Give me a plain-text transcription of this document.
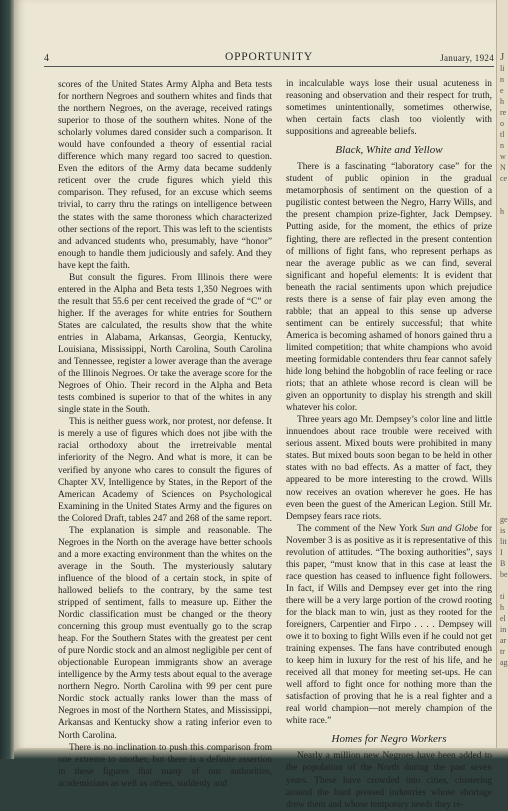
J
li
n
e
h
re
o
tl
n
w
N
ce

h

ge
is
lit
I
B
be

ti
h
el
in
ar
tr
ag
4	OPPORTUNITY	January, 1924

scores of the United States Army Alpha and Beta tests for northern Negroes and southern whites and finds that the northern Negroes, on the average, received ratings superior to those of the southern whites. None of the scholarly volumes dared consider such a comparison. It would have confounded a theory of essential racial difference which many regard too sacred to question. Even the editors of the Army data became suddenly reticent over the crude figures which yield this comparison. They refused, for an excuse which seems trivial, to carry thru the ratings on intelligence between the states with the same thoroness which characterized other sections of the report. This was left to the scientists and advanced students who, presumably, have “honor” enough to handle them judiciously and safely. And they have kept the faith.

But consult the figures. From Illinois there were entered in the Alpha and Beta tests 1,350 Negroes with the result that 55.6 per cent received the grade of “C” or higher. If the averages for white entries for Southern States are calculated, the results show that the white entries in Alabama, Arkansas, Georgia, Kentucky, Louisiana, Mississippi, North Carolina, South Carolina and Tennessee, register a lower average than the average of the Illinois Negroes. Or take the average score for the Negroes of Ohio. Their record in the Alpha and Beta tests combined is superior to that of the whites in any single state in the South.

This is neither guess work, nor protest, nor defense. It is merely a use of figures which does not jibe with the racial orthodoxy about the irretreivable mental inferiority of the Negro. And what is more, it can be verified by anyone who cares to consult the figures of Chapter XV, Intelligence by States, in the Report of the American Academy of Sciences on Psychological Examining in the United States Army and the figures on the Colored Draft, tables 247 and 268 of the same report.

The explanation is simple and reasonable. The Negroes in the North on the average have better schools and a more exacting environment than the whites on the average in the South. The mysteriously salutary influence of the blood of a certain stock, in spite of hallowed beliefs to the contrary, by the same test stripped of sentiment, falls to measure up. Either the Nordic classification must be changed or the theory concerning this group must eventually go to the scrap heap. For the Southern States with the greatest per cent of pure Nordic stock and an almost negligible per cent of objectionable European immigrants show an average intelligence by the Army tests about equal to the average northern Negro. North Carolina with 99 per cent pure Nordic stock actually ranks lower than the mass of Negroes in most of the Northern States, and Mississippi, Arkansas and Kentucky show a rating inferior even to North Carolina.

There is no inclination to push this comparison from one extreme to another, but there is a definite assertion in these figures that many of our authorities, academicians as well as others, suddenly and

in incalculable ways lose their usual acuteness in reasoning and observation and their respect for truth, sometimes unintentionally, sometimes otherwise, when certain facts clash too violently with suppositions and agreeable beliefs.

Black, White and Yellow

There is a fascinating “laboratory case” for the student of public opinion in the gradual metamorphosis of sentiment on the question of a pugilistic contest between the Negro, Harry Wills, and the present champion prize-fighter, Jack Dempsey. Putting aside, for the moment, the ethics of prize fighting, there are reflected in the present contention of millions of fight fans, who represent perhaps as near the average public as we can find, several significant and hopeful elements: It is evident that beneath the racial sentiments upon which prejudice rests there is a sense of fair play even among the rabble; that an appeal to this sense up adverse sentiment can be entirely successful; that white America is becoming ashamed of honors gained thru a limited competition; that white champions who avoid meeting formidable contenders thru fear cannot safely hide long behind the hobgoblin of race feeling or race riots; that an athlete whose record is clean will be given an opportunity to display his strength and skill whatever his color.

Three years ago Mr. Dempsey’s color line and little innuendoes about race trouble were received with serious assent. Mixed bouts were prohibited in many states. But mixed bouts soon began to be held in other states with no bad effects. As a matter of fact, they appeared to be more interesting to the crowd. Wills now receives an ovation wherever he goes. He has even been the guest of the American Legion. Still Mr. Dempsey fears race riots.

The comment of the New York Sun and Globe for November 3 is as positive as it is representative of this revolution of attitudes. “The boxing authorities”, says this paper, “must know that in this case at least the race question has ceased to influence fight followers. In fact, if Wills and Dempsey ever get into the ring there will be a very large portion of the crowd rooting for the black man to win, just as they rooted for the foreigners, Carpentier and Firpo . . . . Dempsey will owe it to boxing to fight Wills even if he could not get training expenses. The fans have contributed enough to keep him in luxury for the rest of his life, and he received all that money for meeting set-ups. He can well afford to fight once for nothing more than the satisfaction of proving that he is a real fighter and a real world champion—not merely champion of the white race.”

Homes for Negro Workers

Nearly a million new Negroes have been added to the population of the North during the past seven years. These have crowded into cities, clustering around the hard pressed industries whose shortage drew them and whose temporary needs they re-
